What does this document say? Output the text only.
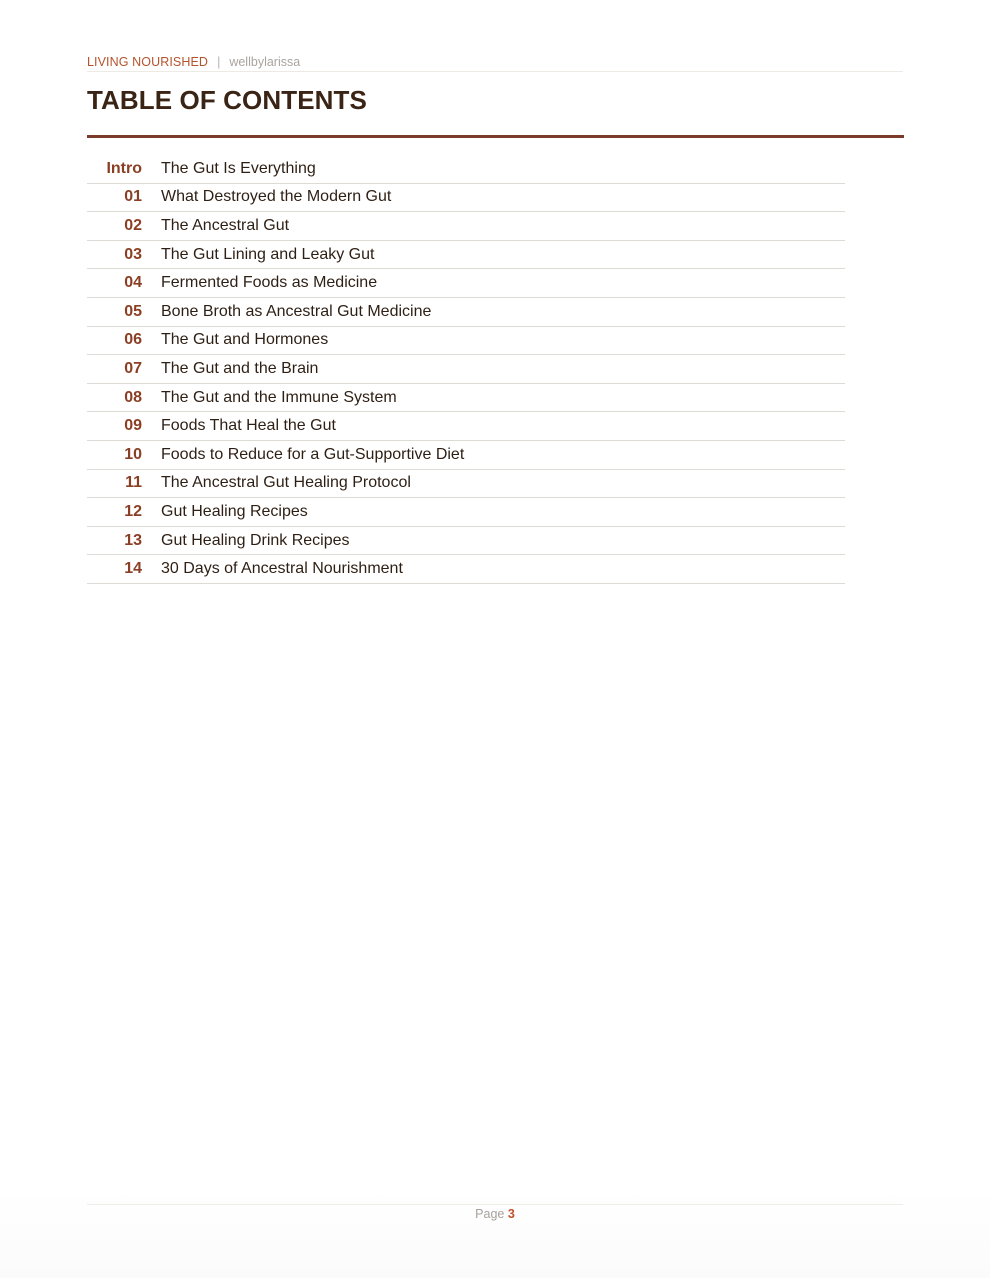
LIVING NOURISHED | wellbylarissa
TABLE OF CONTENTS
Intro The Gut Is Everything
01 What Destroyed the Modern Gut
02 The Ancestral Gut
03 The Gut Lining and Leaky Gut
04 Fermented Foods as Medicine
05 Bone Broth as Ancestral Gut Medicine
06 The Gut and Hormones
07 The Gut and the Brain
08 The Gut and the Immune System
09 Foods That Heal the Gut
10 Foods to Reduce for a Gut-Supportive Diet
11 The Ancestral Gut Healing Protocol
12 Gut Healing Recipes
13 Gut Healing Drink Recipes
14 30 Days of Ancestral Nourishment
Page 3
